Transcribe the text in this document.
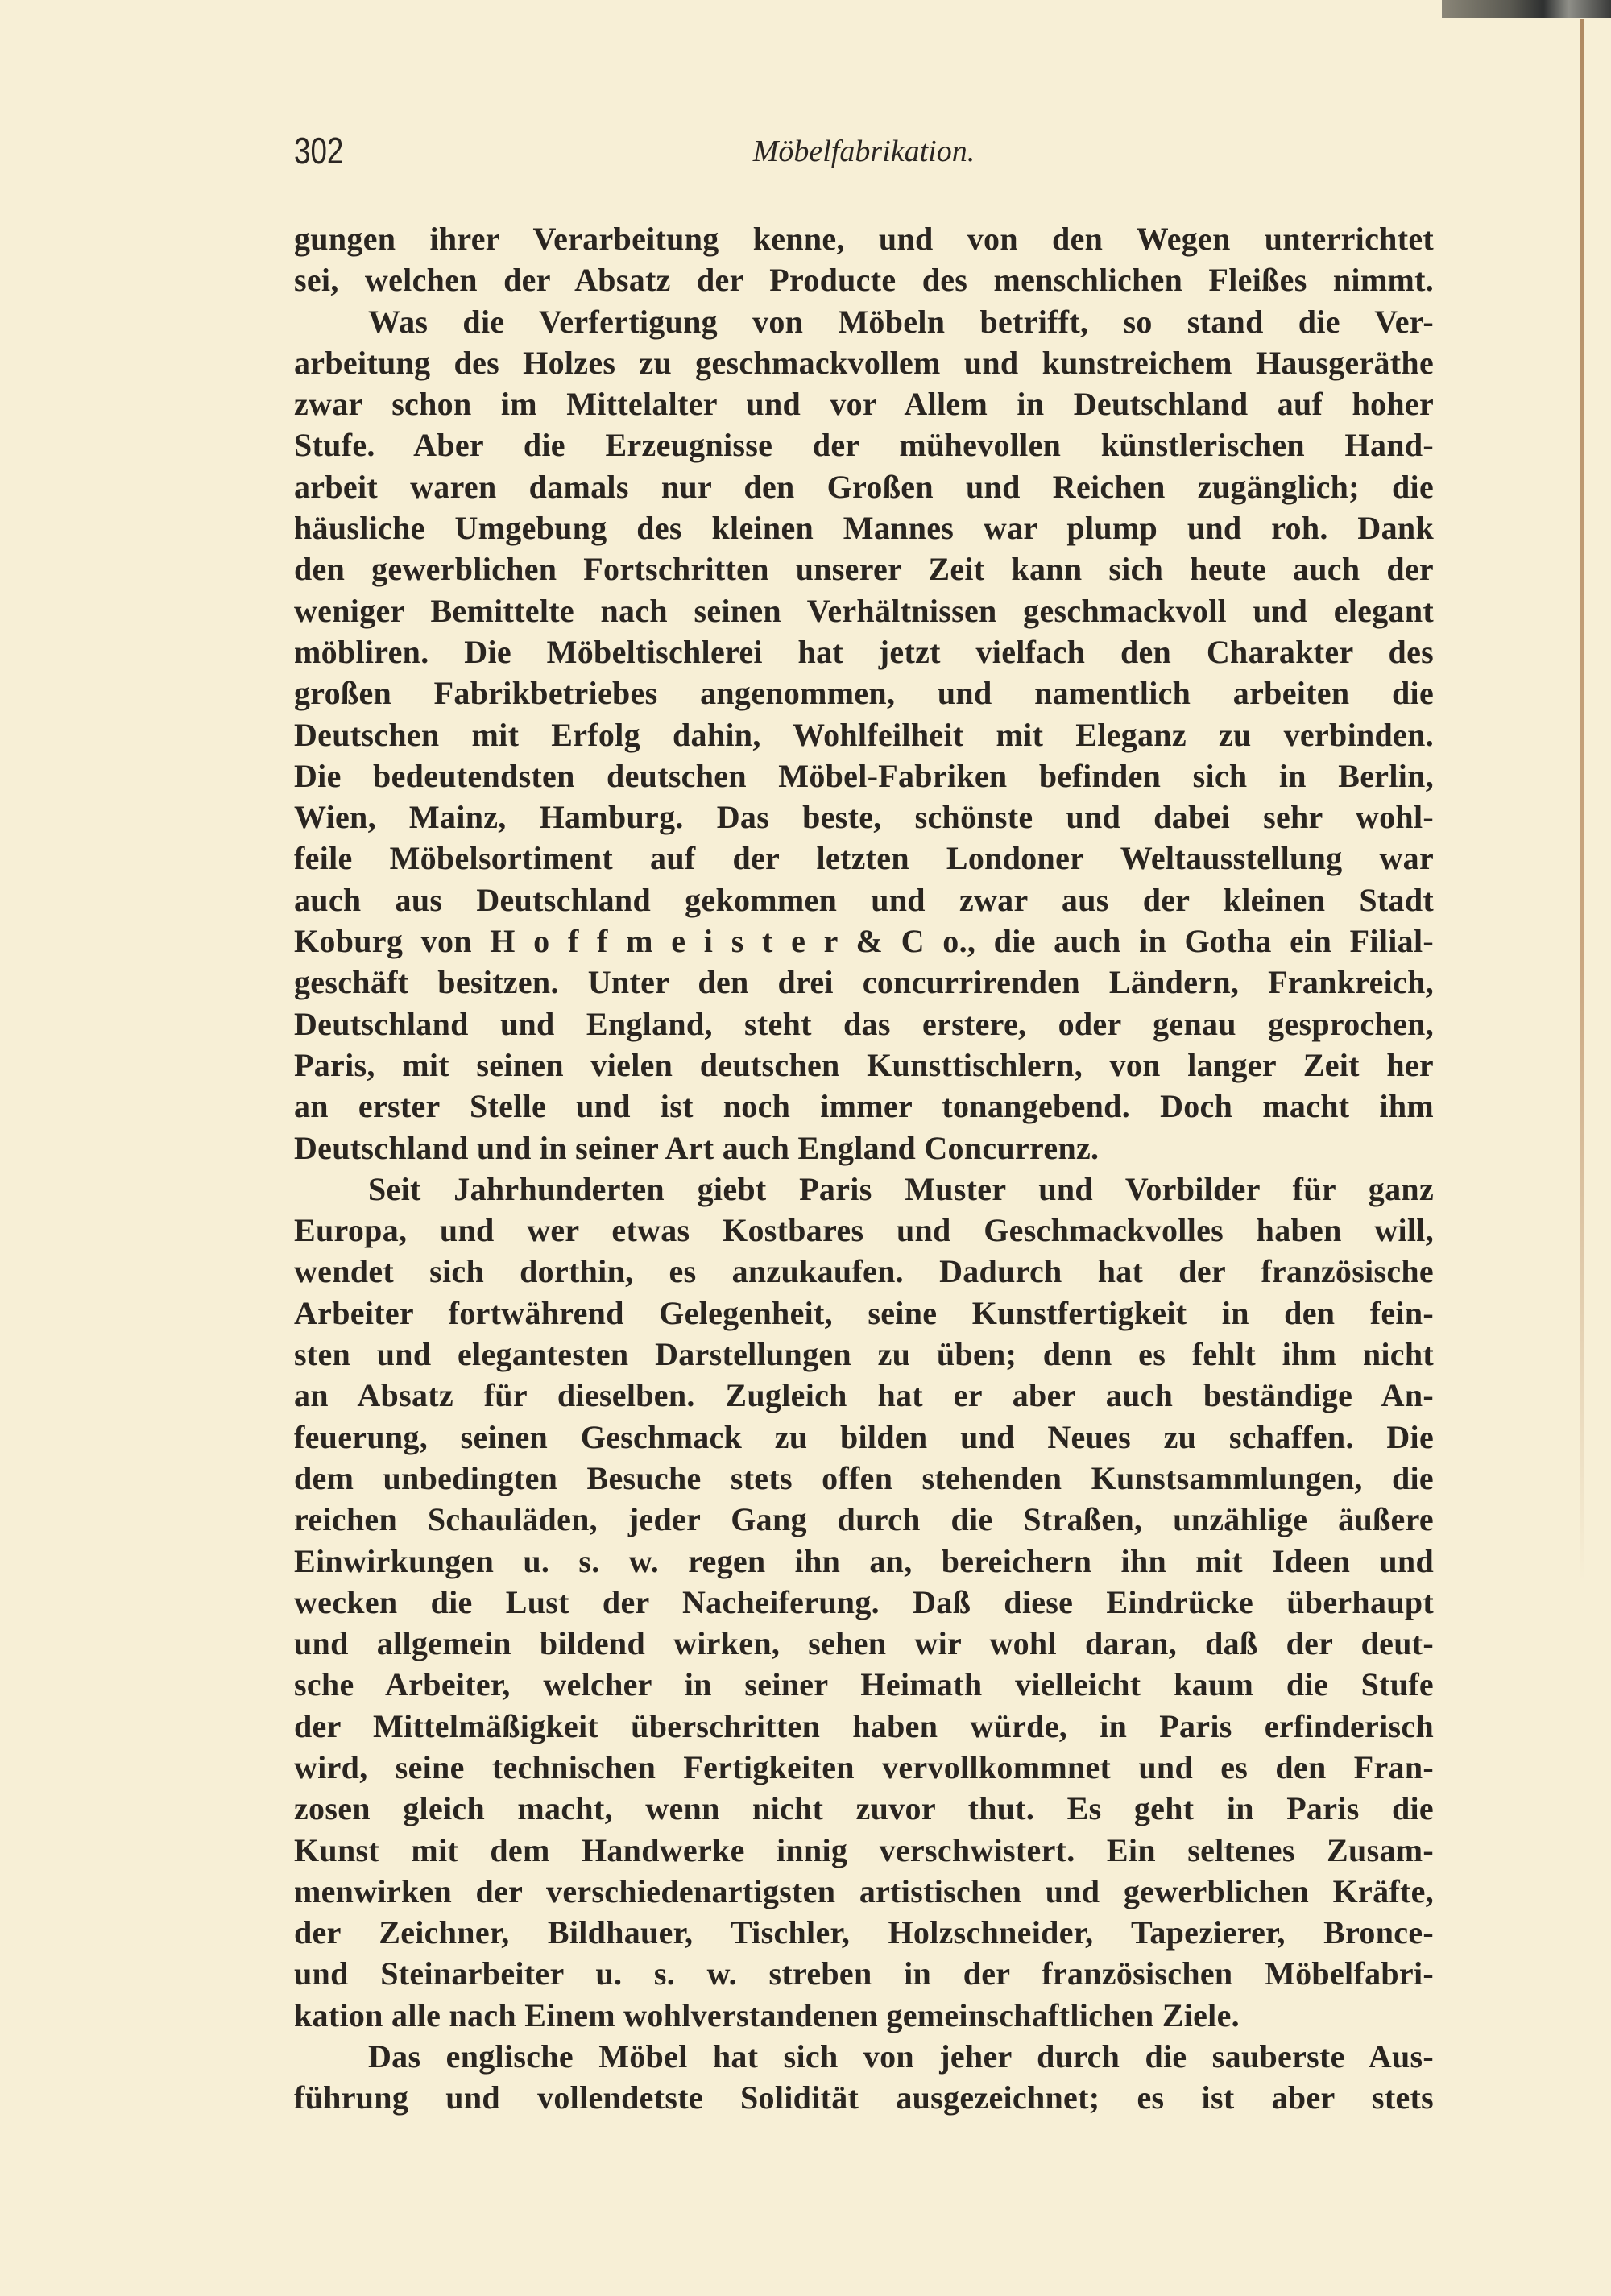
302	Möbelfabrikation.
gungen ihrer Verarbeitung kenne, und von den Wegen unterrichtet
sei, welchen der Absatz der Producte des menschlichen Fleißes nimmt.
Was die Verfertigung von Möbeln betrifft, so stand die Ver-
arbeitung des Holzes zu geschmackvollem und kunstreichem Hausgeräthe
zwar schon im Mittelalter und vor Allem in Deutschland auf hoher
Stufe. Aber die Erzeugnisse der mühevollen künstlerischen Hand-
arbeit waren damals nur den Großen und Reichen zugänglich; die
häusliche Umgebung des kleinen Mannes war plump und roh. Dank
den gewerblichen Fortschritten unserer Zeit kann sich heute auch der
weniger Bemittelte nach seinen Verhältnissen geschmackvoll und elegant
möbliren. Die Möbeltischlerei hat jetzt vielfach den Charakter des
großen Fabrikbetriebes angenommen, und namentlich arbeiten die
Deutschen mit Erfolg dahin, Wohlfeilheit mit Eleganz zu verbinden.
Die bedeutendsten deutschen Möbel-Fabriken befinden sich in Berlin,
Wien, Mainz, Hamburg. Das beste, schönste und dabei sehr wohl-
feile Möbelsortiment auf der letzten Londoner Weltausstellung war
auch aus Deutschland gekommen und zwar aus der kleinen Stadt
Koburg von H o f f m e i s t e r & C o., die auch in Gotha ein Filial-
geschäft besitzen. Unter den drei concurrirenden Ländern, Frankreich,
Deutschland und England, steht das erstere, oder genau gesprochen,
Paris, mit seinen vielen deutschen Kunsttischlern, von langer Zeit her
an erster Stelle und ist noch immer tonangebend. Doch macht ihm
Deutschland und in seiner Art auch England Concurrenz.
Seit Jahrhunderten giebt Paris Muster und Vorbilder für ganz
Europa, und wer etwas Kostbares und Geschmackvolles haben will,
wendet sich dorthin, es anzukaufen. Dadurch hat der französische
Arbeiter fortwährend Gelegenheit, seine Kunstfertigkeit in den fein-
sten und elegantesten Darstellungen zu üben; denn es fehlt ihm nicht
an Absatz für dieselben. Zugleich hat er aber auch beständige An-
feuerung, seinen Geschmack zu bilden und Neues zu schaffen. Die
dem unbedingten Besuche stets offen stehenden Kunstsammlungen, die
reichen Schauläden, jeder Gang durch die Straßen, unzählige äußere
Einwirkungen u. s. w. regen ihn an, bereichern ihn mit Ideen und
wecken die Lust der Nacheiferung. Daß diese Eindrücke überhaupt
und allgemein bildend wirken, sehen wir wohl daran, daß der deut-
sche Arbeiter, welcher in seiner Heimath vielleicht kaum die Stufe
der Mittelmäßigkeit überschritten haben würde, in Paris erfinderisch
wird, seine technischen Fertigkeiten vervollkommnet und es den Fran-
zosen gleich macht, wenn nicht zuvor thut. Es geht in Paris die
Kunst mit dem Handwerke innig verschwistert. Ein seltenes Zusam-
menwirken der verschiedenartigsten artistischen und gewerblichen Kräfte,
der Zeichner, Bildhauer, Tischler, Holzschneider, Tapezierer, Bronce-
und Steinarbeiter u. s. w. streben in der französischen Möbelfabri-
kation alle nach Einem wohlverstandenen gemeinschaftlichen Ziele.
Das englische Möbel hat sich von jeher durch die sauberste Aus-
führung und vollendetste Solidität ausgezeichnet; es ist aber stets
